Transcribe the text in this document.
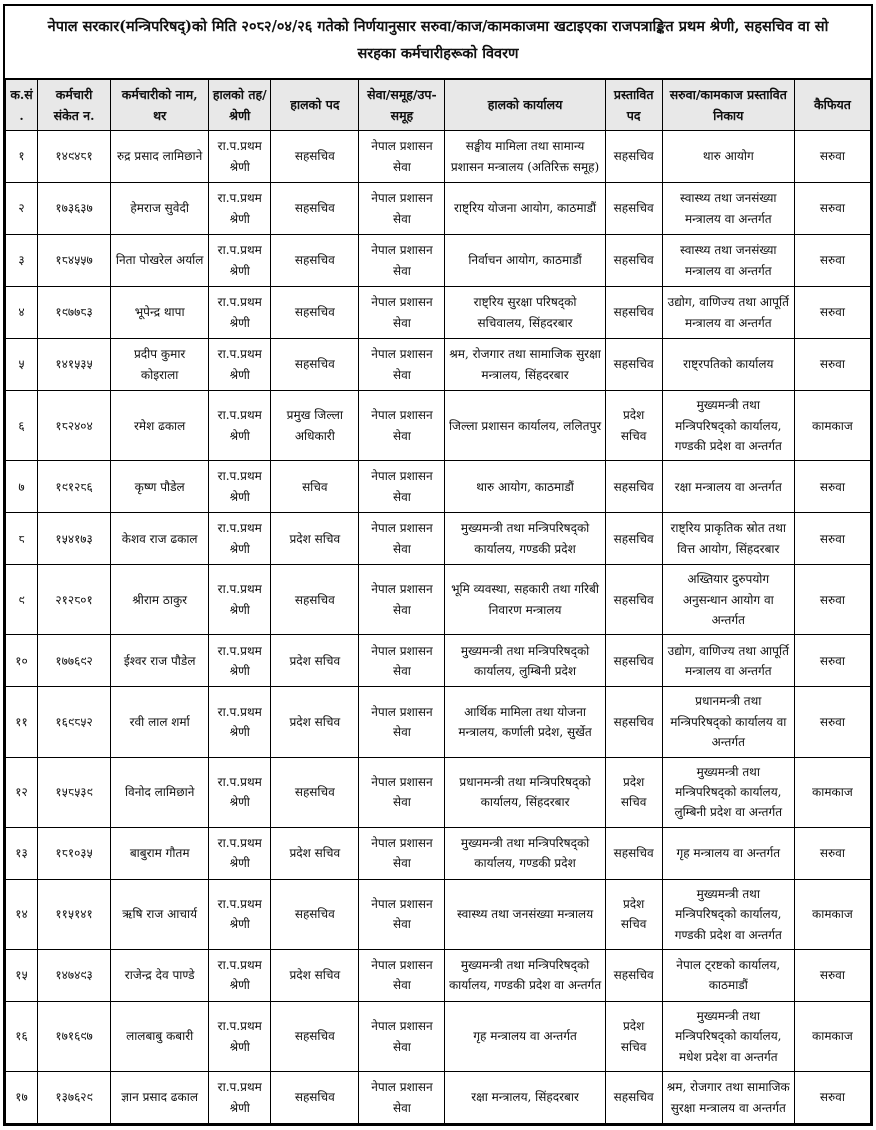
नेपाल सरकार(मन्त्रिपरिषद्)को मिति २०८२/०४/२६ गतेको निर्णयानुसार सरुवा/काज/कामकाजमा खटाइएका राजपत्राङ्कित प्रथम श्रेणी, सहसचिव वा सो सरहका कर्मचारीहरूको विवरण
क.सं.	कर्मचारी संकेत न.	कर्मचारीको नाम, थर	हालको तह/श्रेणी	हालको पद	सेवा/समूह/उप-समूह	हालको कार्यालय	प्रस्तावित पद	सरुवा/कामकाज प्रस्तावित निकाय	कैफियत
१	१४९४८१	रुद्र प्रसाद लामिछाने	रा.प.प्रथम श्रेणी	सहसचिव	नेपाल प्रशासन सेवा	सङ्घीय मामिला तथा सामान्य प्रशासन मन्त्रालय (अतिरिक्त समूह)	सहसचिव	थारु आयोग	सरुवा
२	१७३६३७	हेमराज सुवेदी	रा.प.प्रथम श्रेणी	सहसचिव	नेपाल प्रशासन सेवा	राष्ट्रिय योजना आयोग, काठमाडौं	सहसचिव	स्वास्थ्य तथा जनसंख्या मन्त्रालय वा अन्तर्गत	सरुवा
३	१८४५५७	निता पोखरेल अर्याल	रा.प.प्रथम श्रेणी	सहसचिव	नेपाल प्रशासन सेवा	निर्वाचन आयोग, काठमाडौं	सहसचिव	स्वास्थ्य तथा जनसंख्या मन्त्रालय वा अन्तर्गत	सरुवा
४	१९७७८३	भूपेन्द्र थापा	रा.प.प्रथम श्रेणी	सहसचिव	नेपाल प्रशासन सेवा	राष्ट्रिय सुरक्षा परिषद्को सचिवालय, सिंहदरबार	सहसचिव	उद्योग, वाणिज्य तथा आपूर्ति मन्त्रालय वा अन्तर्गत	सरुवा
५	१४१५३५	प्रदीप कुमार कोइराला	रा.प.प्रथम श्रेणी	सहसचिव	नेपाल प्रशासन सेवा	श्रम, रोजगार तथा सामाजिक सुरक्षा मन्त्रालय, सिंहदरबार	सहसचिव	राष्ट्रपतिको कार्यालय	सरुवा
६	१८२४०४	रमेश ढकाल	रा.प.प्रथम श्रेणी	प्रमुख जिल्ला अधिकारी	नेपाल प्रशासन सेवा	जिल्ला प्रशासन कार्यालय, ललितपुर	प्रदेश सचिव	मुख्यमन्त्री तथा मन्त्रिपरिषद्को कार्यालय, गण्डकी प्रदेश वा अन्तर्गत	कामकाज
७	१९१२८६	कृष्ण पौडेल	रा.प.प्रथम श्रेणी	सचिव	नेपाल प्रशासन सेवा	थारु आयोग, काठमाडौं	सहसचिव	रक्षा मन्त्रालय वा अन्तर्गत	सरुवा
८	१५४१७३	केशव राज ढकाल	रा.प.प्रथम श्रेणी	प्रदेश सचिव	नेपाल प्रशासन सेवा	मुख्यमन्त्री तथा मन्त्रिपरिषद्को कार्यालय, गण्डकी प्रदेश	सहसचिव	राष्ट्रिय प्राकृतिक स्रोत तथा वित्त आयोग, सिंहदरबार	सरुवा
९	२१२८०१	श्रीराम ठाकुर	रा.प.प्रथम श्रेणी	सहसचिव	नेपाल प्रशासन सेवा	भूमि व्यवस्था, सहकारी तथा गरिबी निवारण मन्त्रालय	सहसचिव	अख्तियार दुरुपयोग अनुसन्धान आयोग वा अन्तर्गत	सरुवा
१०	१७७६९२	ईश्वर राज पौडेल	रा.प.प्रथम श्रेणी	प्रदेश सचिव	नेपाल प्रशासन सेवा	मुख्यमन्त्री तथा मन्त्रिपरिषद्को कार्यालय, लुम्बिनी प्रदेश	सहसचिव	उद्योग, वाणिज्य तथा आपूर्ति मन्त्रालय वा अन्तर्गत	सरुवा
११	१६९८५२	रवी लाल शर्मा	रा.प.प्रथम श्रेणी	प्रदेश सचिव	नेपाल प्रशासन सेवा	आर्थिक मामिला तथा योजना मन्त्रालय, कर्णाली प्रदेश, सुर्खेत	सहसचिव	प्रधानमन्त्री तथा मन्त्रिपरिषद्को कार्यालय वा अन्तर्गत	सरुवा
१२	१५८५३९	विनोद लामिछाने	रा.प.प्रथम श्रेणी	सहसचिव	नेपाल प्रशासन सेवा	प्रधानमन्त्री तथा मन्त्रिपरिषद्को कार्यालय, सिंहदरबार	प्रदेश सचिव	मुख्यमन्त्री तथा मन्त्रिपरिषद्को कार्यालय, लुम्बिनी प्रदेश वा अन्तर्गत	कामकाज
१३	१८१०३५	बाबुराम गौतम	रा.प.प्रथम श्रेणी	प्रदेश सचिव	नेपाल प्रशासन सेवा	मुख्यमन्त्री तथा मन्त्रिपरिषद्को कार्यालय, गण्डकी प्रदेश	सहसचिव	गृह मन्त्रालय वा अन्तर्गत	सरुवा
१४	११५१४१	ऋषि राज आचार्य	रा.प.प्रथम श्रेणी	सहसचिव	नेपाल प्रशासन सेवा	स्वास्थ्य तथा जनसंख्या मन्त्रालय	प्रदेश सचिव	मुख्यमन्त्री तथा मन्त्रिपरिषद्को कार्यालय, गण्डकी प्रदेश वा अन्तर्गत	कामकाज
१५	१४७४९३	राजेन्द्र देव पाण्डे	रा.प.प्रथम श्रेणी	प्रदेश सचिव	नेपाल प्रशासन सेवा	मुख्यमन्त्री तथा मन्त्रिपरिषद्को कार्यालय, गण्डकी प्रदेश वा अन्तर्गत	सहसचिव	नेपाल ट्रष्टको कार्यालय, काठमाडौं	सरुवा
१६	१७१६९७	लालबाबु कबारी	रा.प.प्रथम श्रेणी	सहसचिव	नेपाल प्रशासन सेवा	गृह मन्त्रालय वा अन्तर्गत	प्रदेश सचिव	मुख्यमन्त्री तथा मन्त्रिपरिषद्को कार्यालय, मधेश प्रदेश वा अन्तर्गत	कामकाज
१७	१३७६२९	ज्ञान प्रसाद ढकाल	रा.प.प्रथम श्रेणी	सहसचिव	नेपाल प्रशासन सेवा	रक्षा मन्त्रालय, सिंहदरबार	सहसचिव	श्रम, रोजगार तथा सामाजिक सुरक्षा मन्त्रालय वा अन्तर्गत	सरुवा
